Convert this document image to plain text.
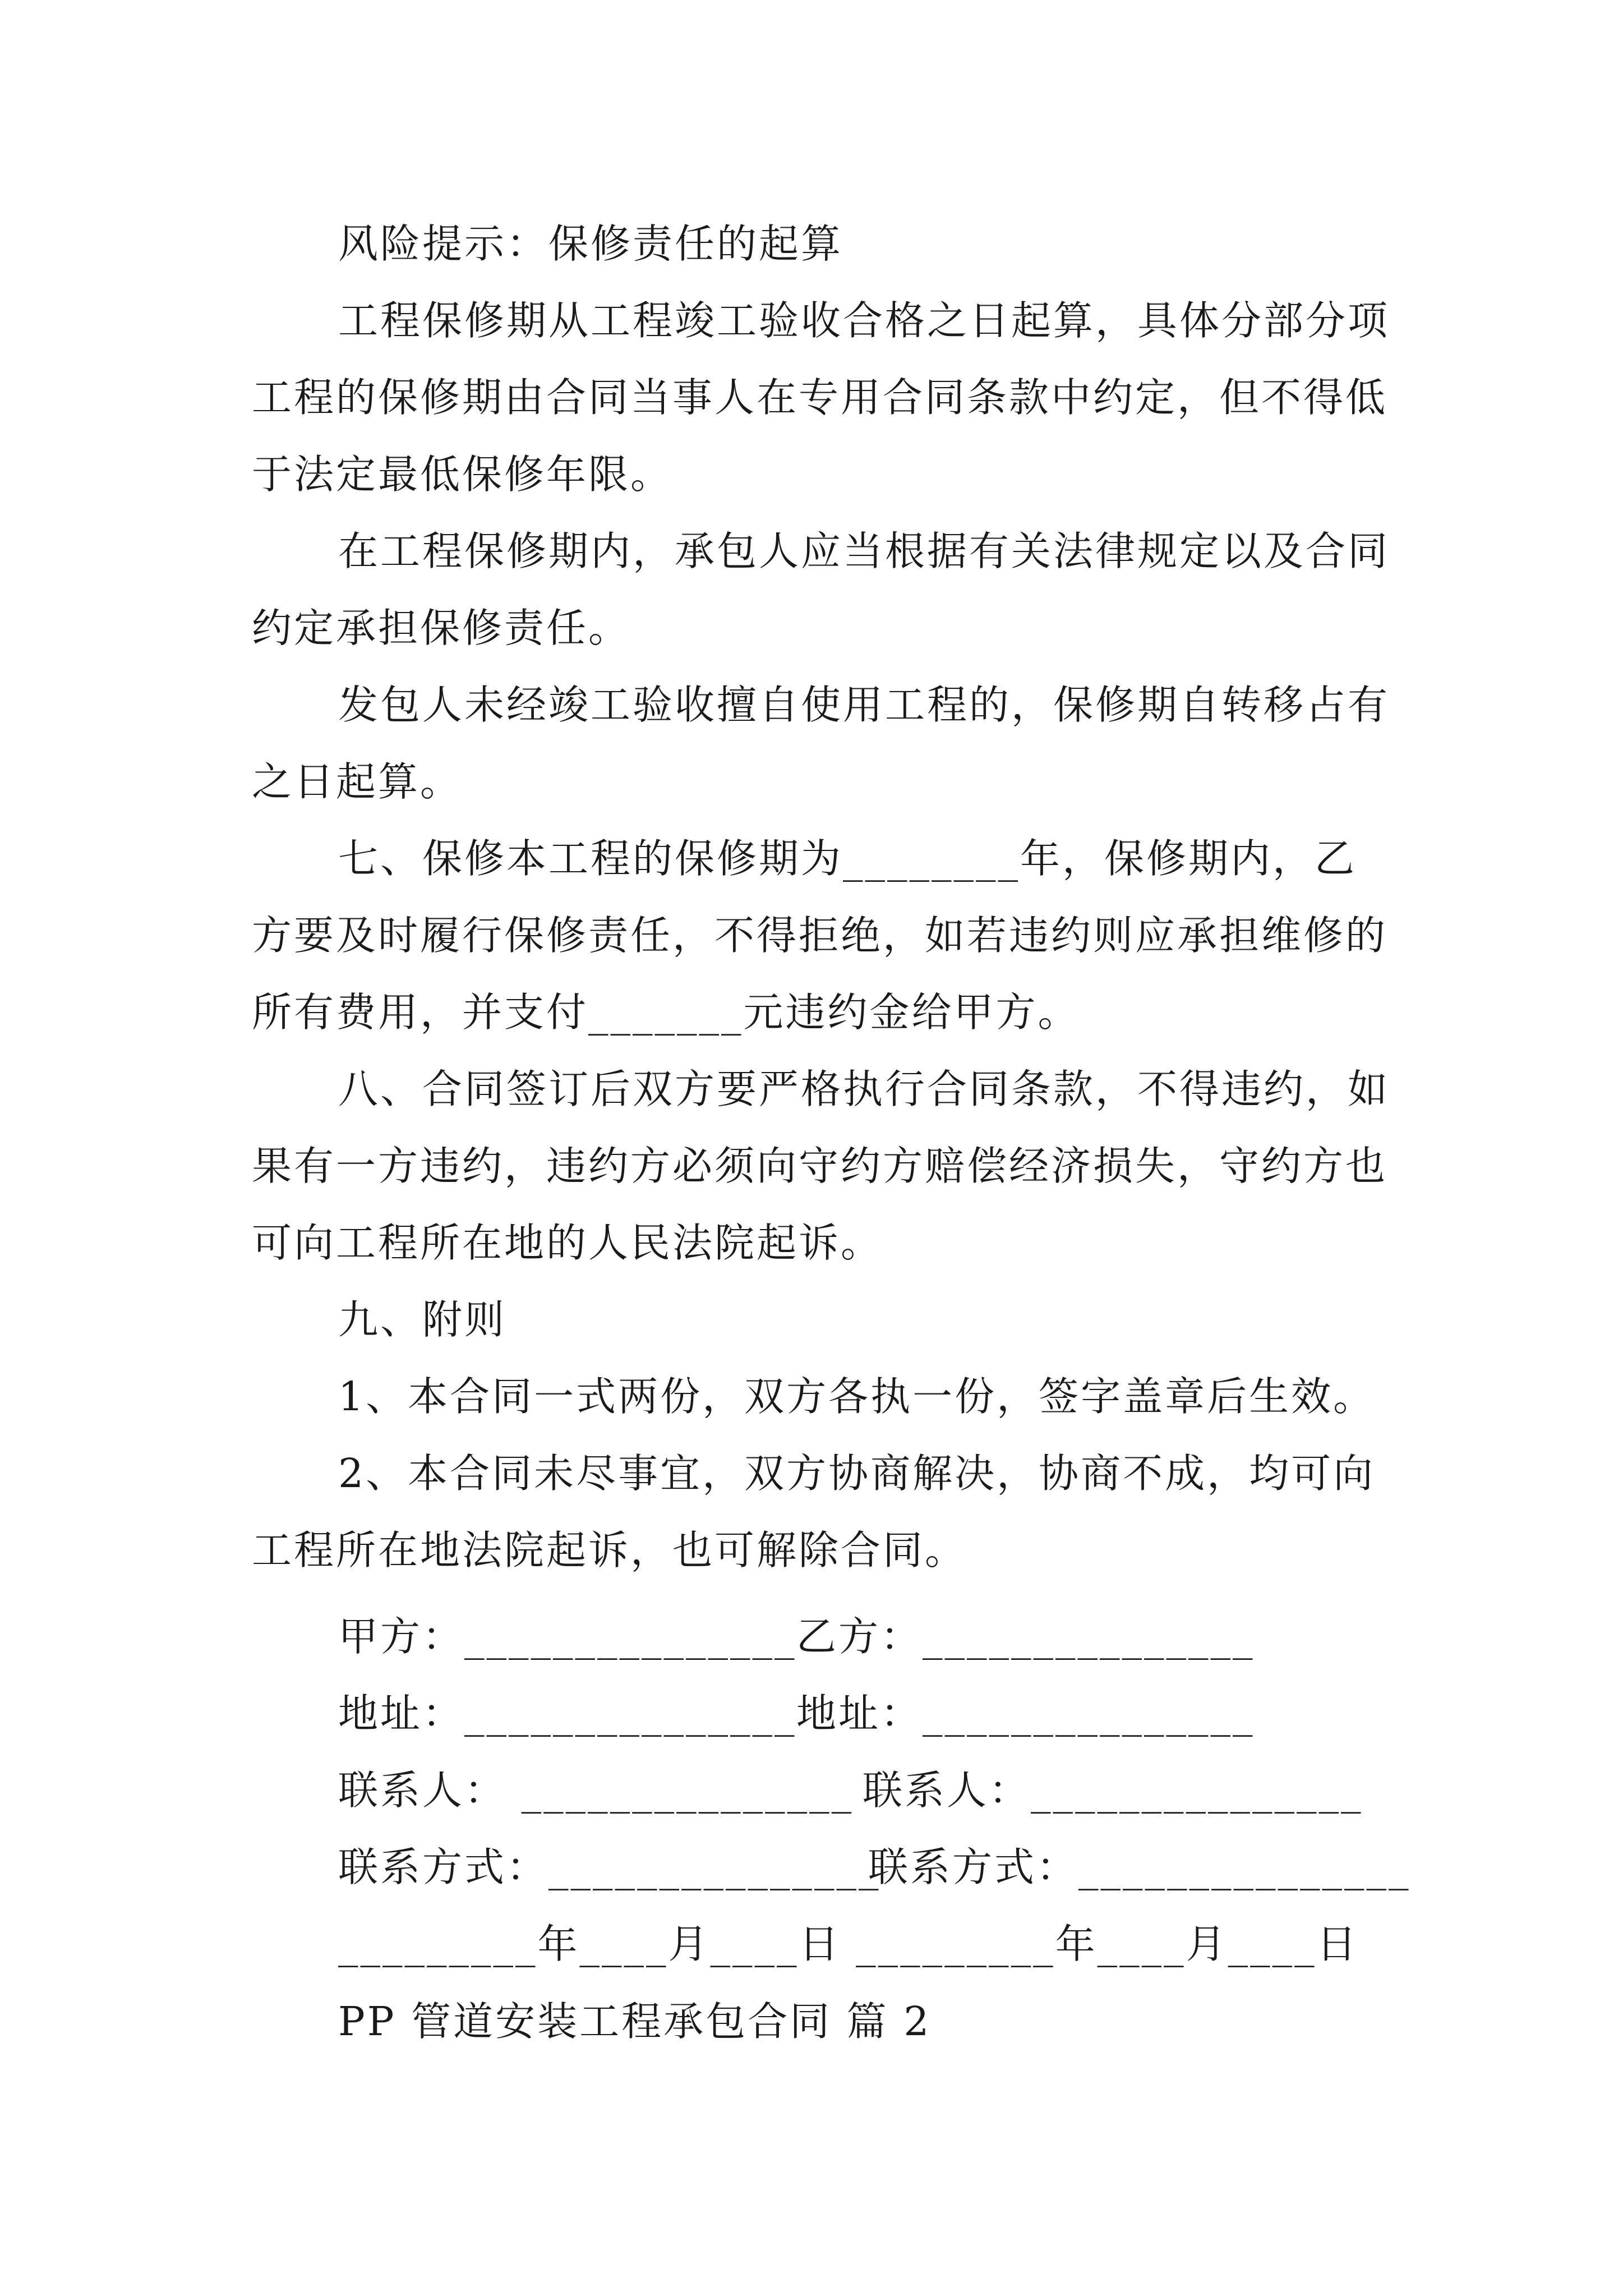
风险提示：保修责任的起算

工程保修期从工程竣工验收合格之日起算，具体分部分项工程的保修期由合同当事人在专用合同条款中约定，但不得低于法定最低保修年限。

在工程保修期内，承包人应当根据有关法律规定以及合同约定承担保修责任。

发包人未经竣工验收擅自使用工程的，保修期自转移占有之日起算。

七、保修本工程的保修期为________年，保修期内，乙方要及时履行保修责任，不得拒绝，如若违约则应承担维修的所有费用，并支付_______元违约金给甲方。

八、合同签订后双方要严格执行合同条款，不得违约，如果有一方违约，违约方必须向守约方赔偿经济损失，守约方也可向工程所在地的人民法院起诉。

九、附则

1、本合同一式两份，双方各执一份，签字盖章后生效。

2、本合同未尽事宜，双方协商解决，协商不成，均可向工程所在地法院起诉，也可解除合同。

甲方：_______________ 乙方：_______________
地址：_______________ 地址：_______________
联系人： _______________ 联系人：_______________
联系方式：_______________
联系方式：_______________
_________年____月____日 _________年____月____日
PP 管道安装工程承包合同 篇 2
